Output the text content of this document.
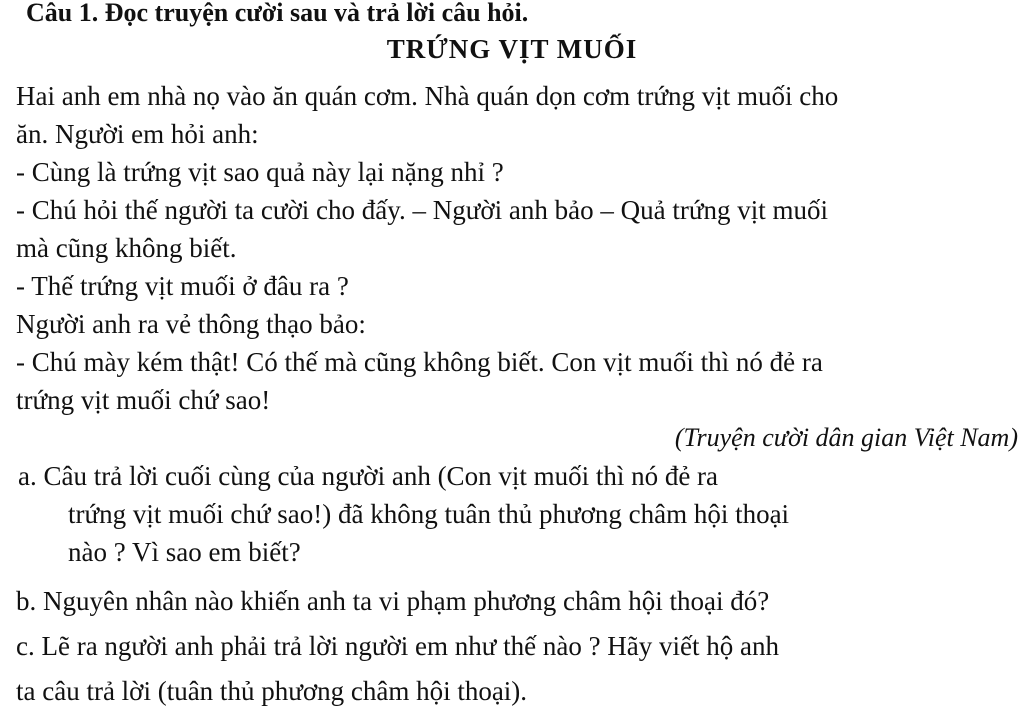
Câu 1. Đọc truyện cười sau và trả lời câu hỏi.
TRỨNG VỊT MUỐI
Hai anh em nhà nọ vào ăn quán cơm. Nhà quán dọn cơm trứng vịt muối cho
ăn. Người em hỏi anh:
- Cùng là trứng vịt sao quả này lại nặng nhỉ ?
- Chú hỏi thế người ta cười cho đấy. – Người anh bảo – Quả trứng vịt muối
mà cũng không biết.
- Thế trứng vịt muối ở đâu ra ?
Người anh ra vẻ thông thạo bảo:
- Chú mày kém thật! Có thế mà cũng không biết. Con vịt muối thì nó đẻ ra
trứng vịt muối chứ sao!
(Truyện cười dân gian Việt Nam)
a. Câu trả lời cuối cùng của người anh (Con vịt muối thì nó đẻ ra
trứng vịt muối chứ sao!) đã không tuân thủ phương châm hội thoại
nào ? Vì sao em biết?
b. Nguyên nhân nào khiến anh ta vi phạm phương châm hội thoại đó?
c. Lẽ ra người anh phải trả lời người em như thế nào ? Hãy viết hộ anh
ta câu trả lời (tuân thủ phương châm hội thoại).
